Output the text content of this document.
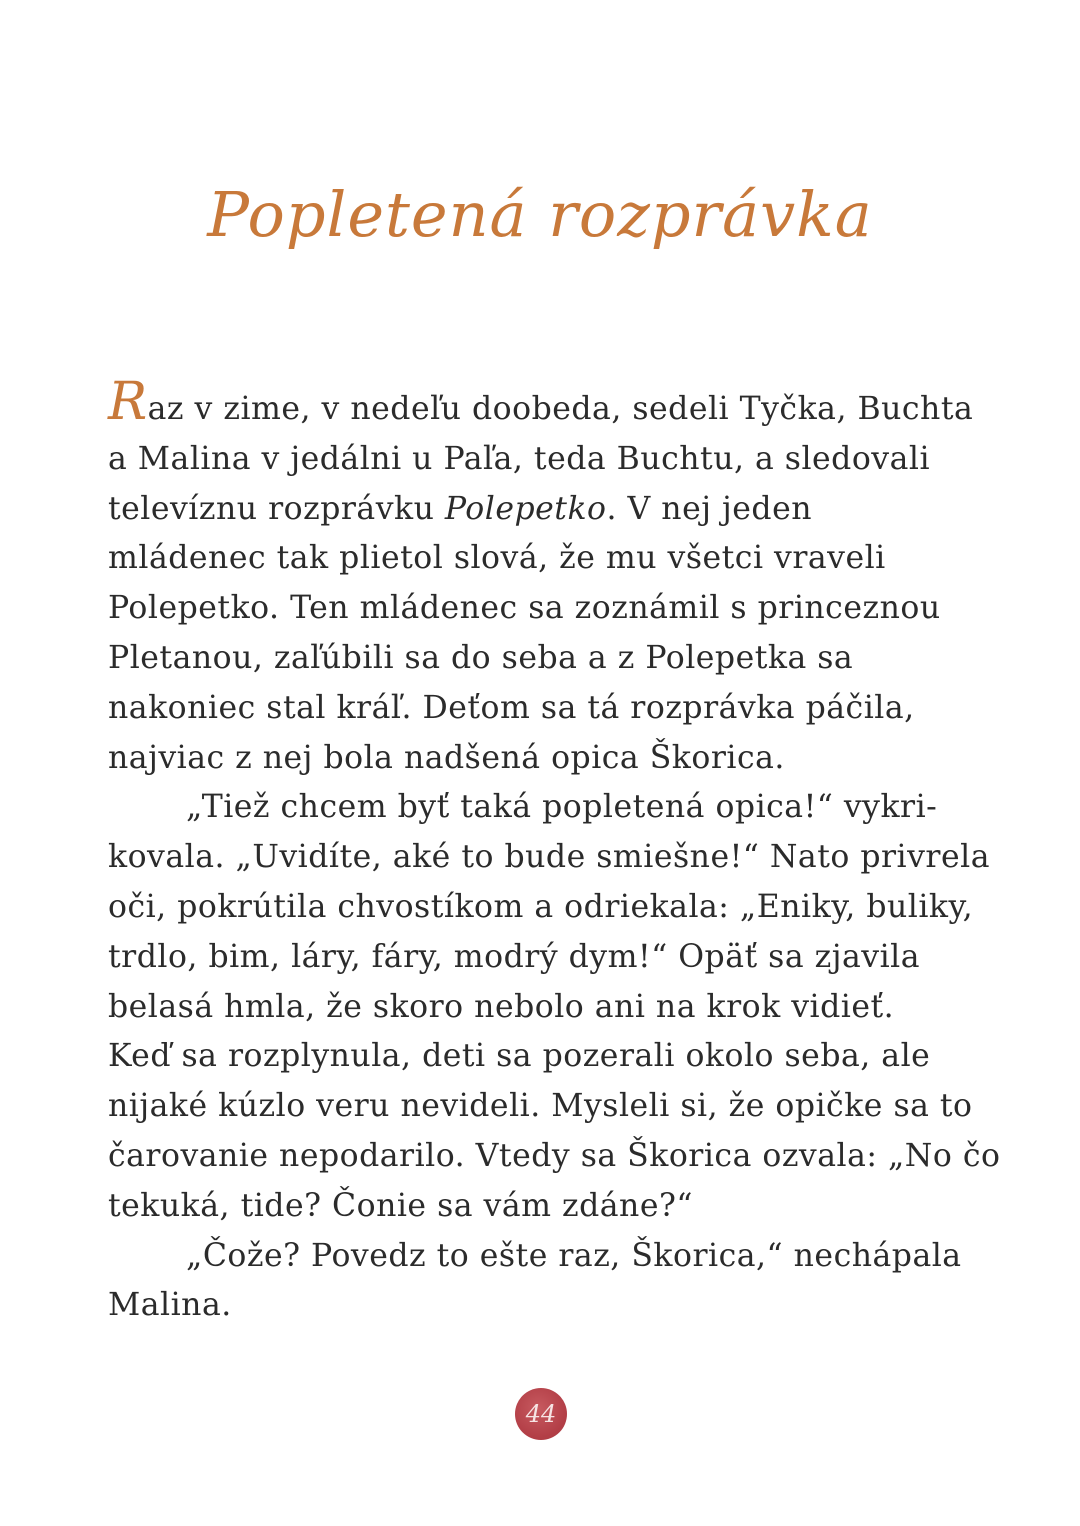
Popletená rozprávka
Raz v zime, v nedeľu doobeda, sedeli Tyčka, Buchta
a Malina v jedálni u Paľa, teda Buchtu, a sledovali
televíznu rozprávku Polepetko. V nej jeden
mládenec tak plietol slová, že mu všetci vraveli
Polepetko. Ten mládenec sa zoznámil s princeznou
Pletanou, zaľúbili sa do seba a z Polepetka sa
nakoniec stal kráľ. Deťom sa tá rozprávka páčila,
najviac z nej bola nadšená opica Škorica.
„Tiež chcem byť taká popletená opica!“ vykri-
kovala. „Uvidíte, aké to bude smiešne!“ Nato privrela
oči, pokrútila chvostíkom a odriekala: „Eniky, buliky,
trdlo, bim, láry, fáry, modrý dym!“ Opäť sa zjavila
belasá hmla, že skoro nebolo ani na krok vidieť.
Keď sa rozplynula, deti sa pozerali okolo seba, ale
nijaké kúzlo veru nevideli. Mysleli si, že opičke sa to
čarovanie nepodarilo. Vtedy sa Škorica ozvala: „No čo
tekuká, tide? Čonie sa vám zdáne?“
„Čože? Povedz to ešte raz, Škorica,“ nechápala
Malina.
44
